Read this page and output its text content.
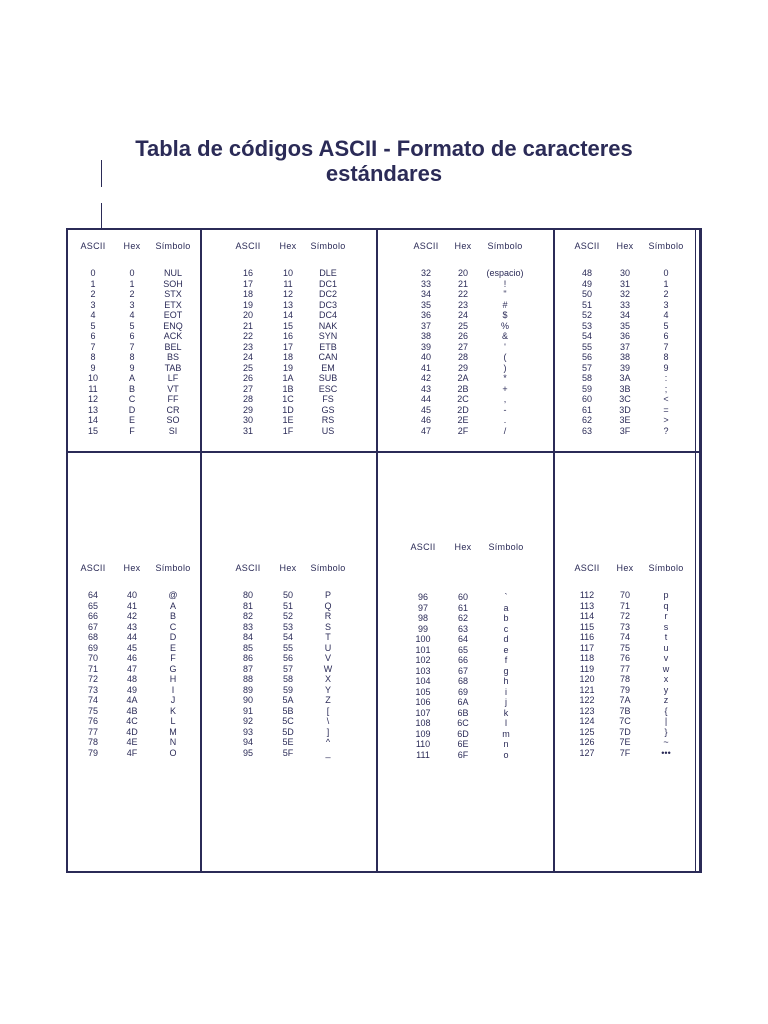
Tabla de códigos ASCII - Formato de caracteres
estándares
ASCII
0
1
2
3
4
5
6
7
8
9
10
11
12
13
14
15
Hex
0
1
2
3
4
5
6
7
8
9
A
B
C
D
E
F
Símbolo
NUL
SOH
STX
ETX
EOT
ENQ
ACK
BEL
BS
TAB
LF
VT
FF
CR
SO
SI
ASCII
16
17
18
19
20
21
22
23
24
25
26
27
28
29
30
31
Hex
10
11
12
13
14
15
16
17
18
19
1A
1B
1C
1D
1E
1F
Símbolo
DLE
DC1
DC2
DC3
DC4
NAK
SYN
ETB
CAN
EM
SUB
ESC
FS
GS
RS
US
ASCII
32
33
34
35
36
37
38
39
40
41
42
43
44
45
46
47
Hex
20
21
22
23
24
25
26
27
28
29
2A
2B
2C
2D
2E
2F
Símbolo
(espacio)
!
"
#
$
%
&
'
(
)
*
+
,
-
.
/
ASCII
48
49
50
51
52
53
54
55
56
57
58
59
60
61
62
63
Hex
30
31
32
33
34
35
36
37
38
39
3A
3B
3C
3D
3E
3F
Símbolo
0
1
2
3
4
5
6
7
8
9
:
;
<
=
>
?
ASCII
64
65
66
67
68
69
70
71
72
73
74
75
76
77
78
79
Hex
40
41
42
43
44
45
46
47
48
49
4A
4B
4C
4D
4E
4F
Símbolo
@
A
B
C
D
E
F
G
H
I
J
K
L
M
N
O
ASCII
80
81
82
83
84
85
86
87
88
89
90
91
92
93
94
95
Hex
50
51
52
53
54
55
56
57
58
59
5A
5B
5C
5D
5E
5F
Símbolo
P
Q
R
S
T
U
V
W
X
Y
Z
[
\
]
^
_
ASCII
96
97
98
99
100
101
102
103
104
105
106
107
108
109
110
111
Hex
60
61
62
63
64
65
66
67
68
69
6A
6B
6C
6D
6E
6F
Símbolo
`
a
b
c
d
e
f
g
h
i
j
k
l
m
n
o
ASCII
112
113
114
115
116
117
118
119
120
121
122
123
124
125
126
127
Hex
70
71
72
73
74
75
76
77
78
79
7A
7B
7C
7D
7E
7F
Símbolo
p
q
r
s
t
u
v
w
x
y
z
{
|
}
~
•••
